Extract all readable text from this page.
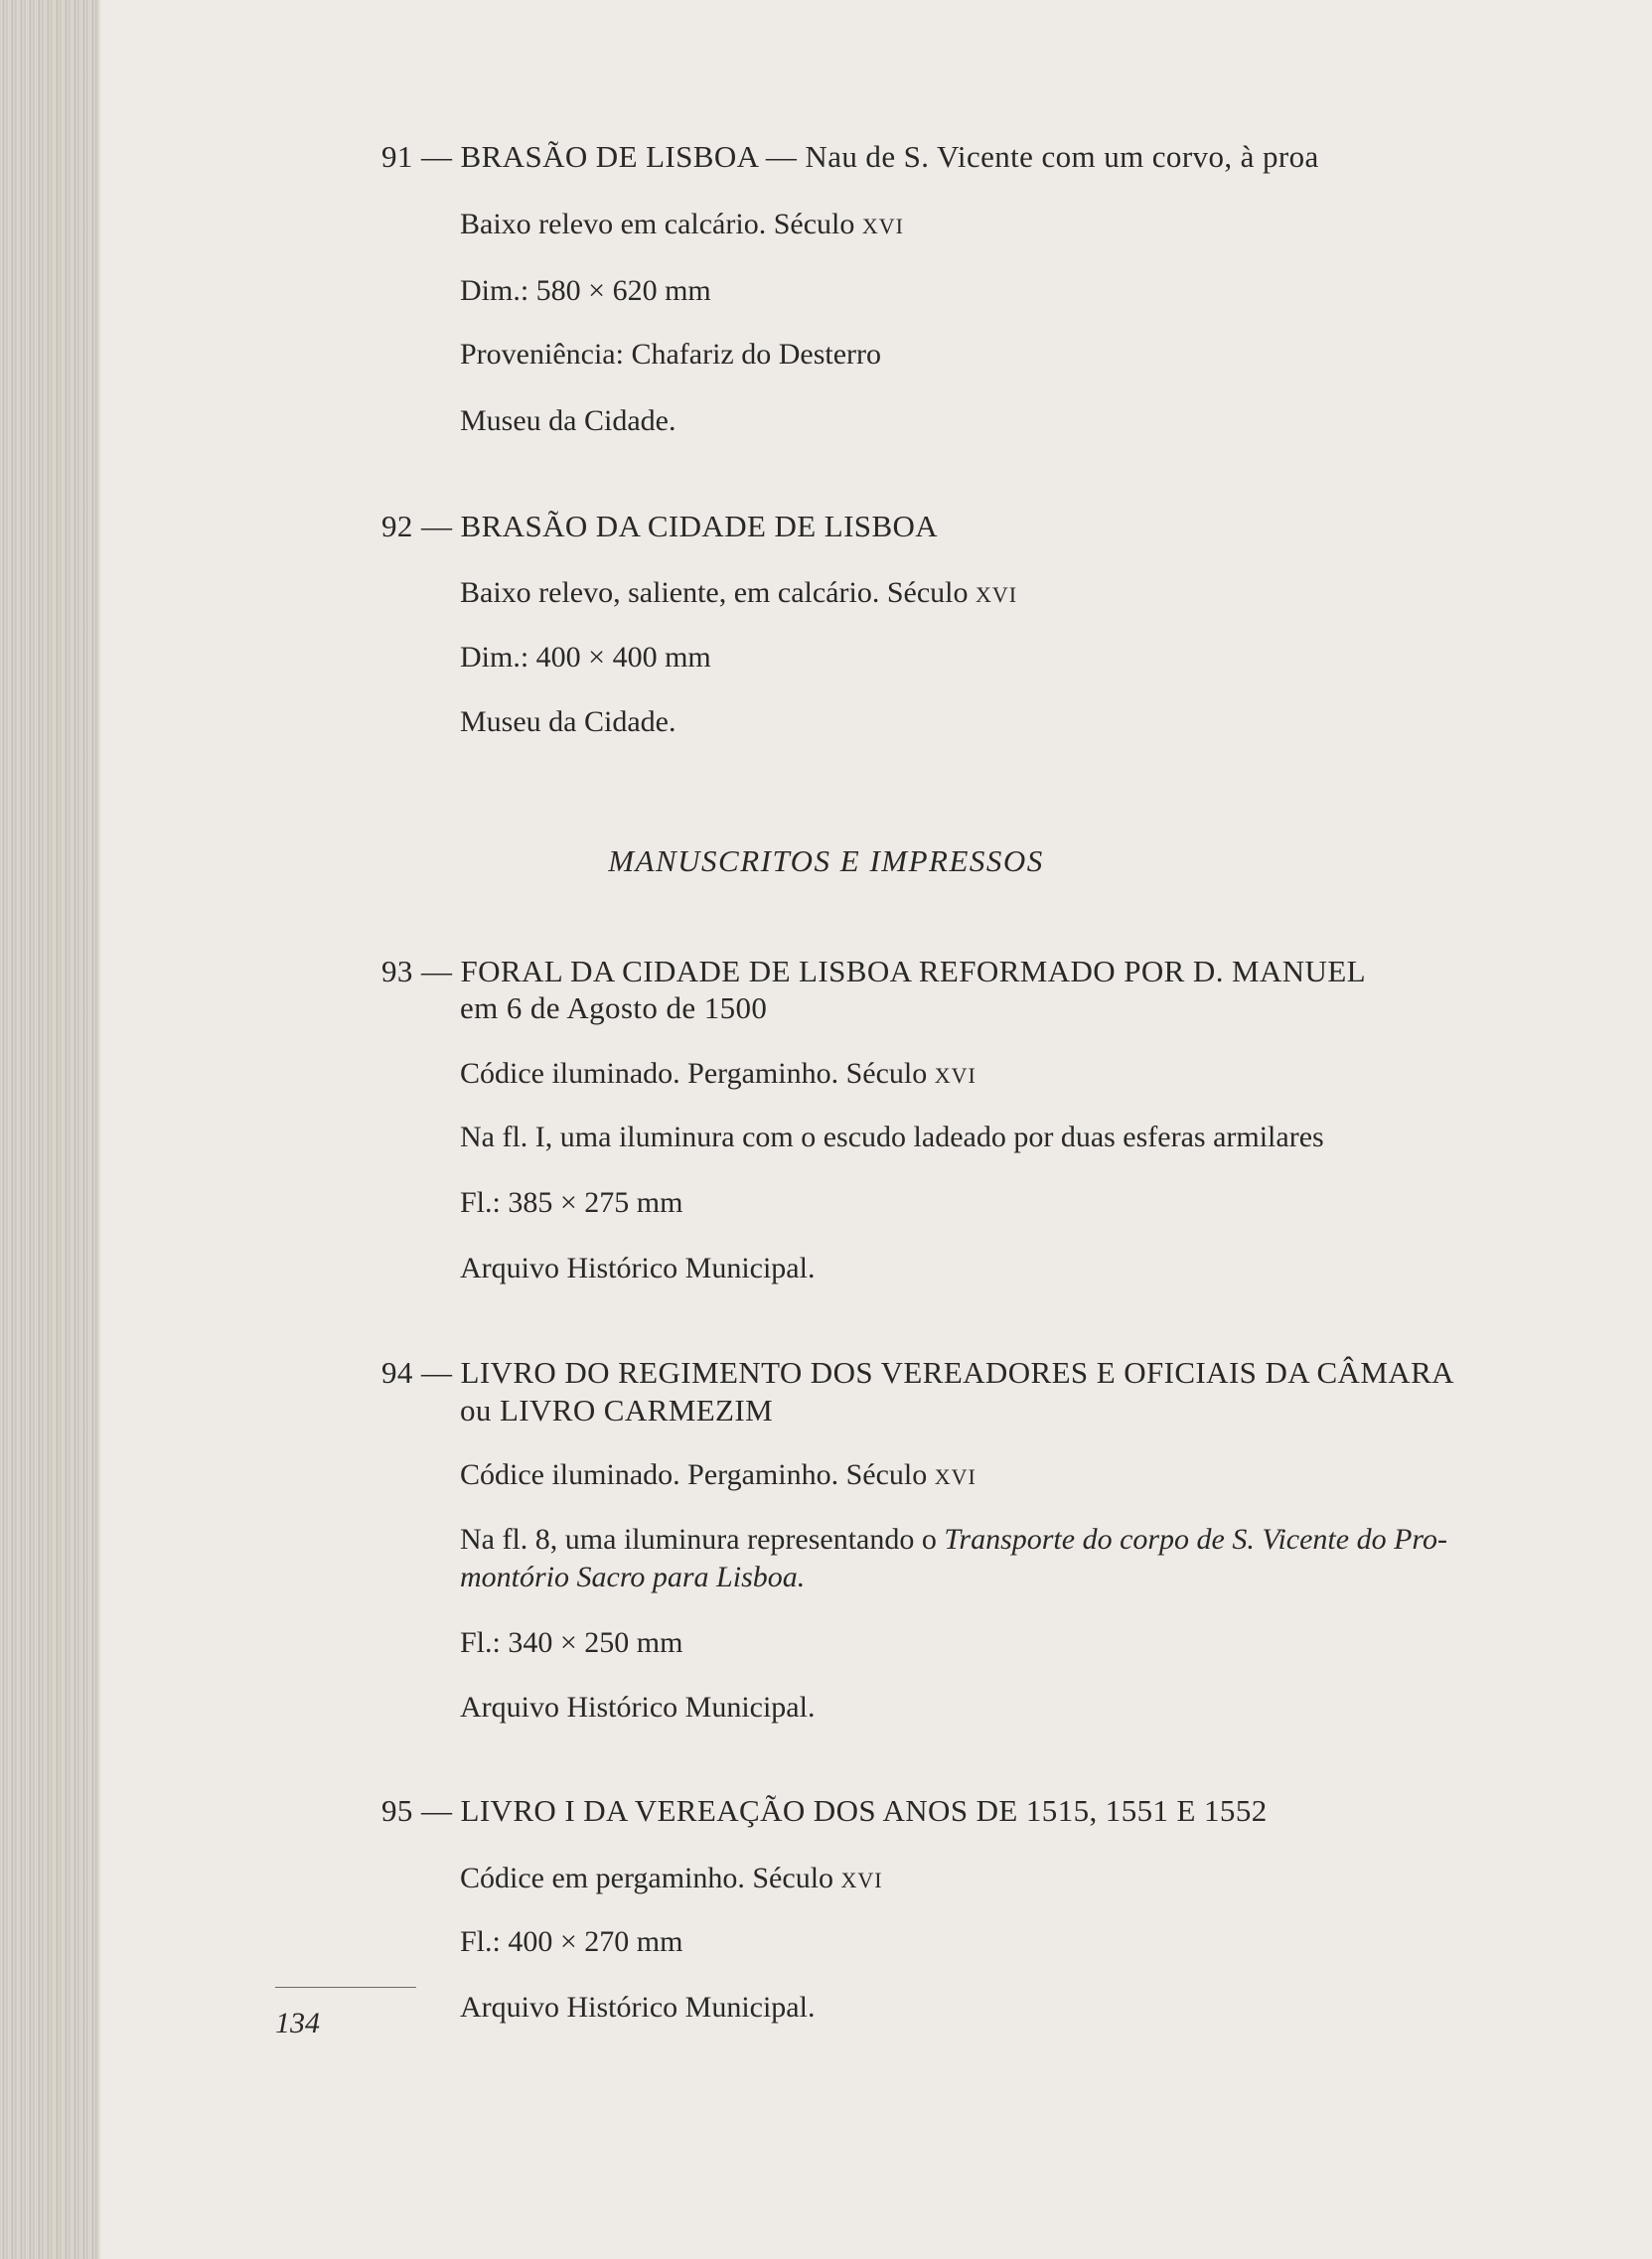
91 — BRASÃO DE LISBOA — Nau de S. Vicente com um corvo, à proa
Baixo relevo em calcário. Século XVI
Dim.: 580 × 620 mm
Proveniência: Chafariz do Desterro
Museu da Cidade.
92 — BRASÃO DA CIDADE DE LISBOA
Baixo relevo, saliente, em calcário. Século XVI
Dim.: 400 × 400 mm
Museu da Cidade.
MANUSCRITOS E IMPRESSOS
93 — FORAL DA CIDADE DE LISBOA REFORMADO POR D. MANUEL
em 6 de Agosto de 1500
Códice iluminado. Pergaminho. Século XVI
Na fl. I, uma iluminura com o escudo ladeado por duas esferas armilares
Fl.: 385 × 275 mm
Arquivo Histórico Municipal.
94 — LIVRO DO REGIMENTO DOS VEREADORES E OFICIAIS DA CÂMARA
ou LIVRO CARMEZIM
Códice iluminado. Pergaminho. Século XVI
Na fl. 8, uma iluminura representando o Transporte do corpo de S. Vicente do Pro-
montório Sacro para Lisboa.
Fl.: 340 × 250 mm
Arquivo Histórico Municipal.
95 — LIVRO I DA VEREAÇÃO DOS ANOS DE 1515, 1551 E 1552
Códice em pergaminho. Século XVI
Fl.: 400 × 270 mm
Arquivo Histórico Municipal.
134
